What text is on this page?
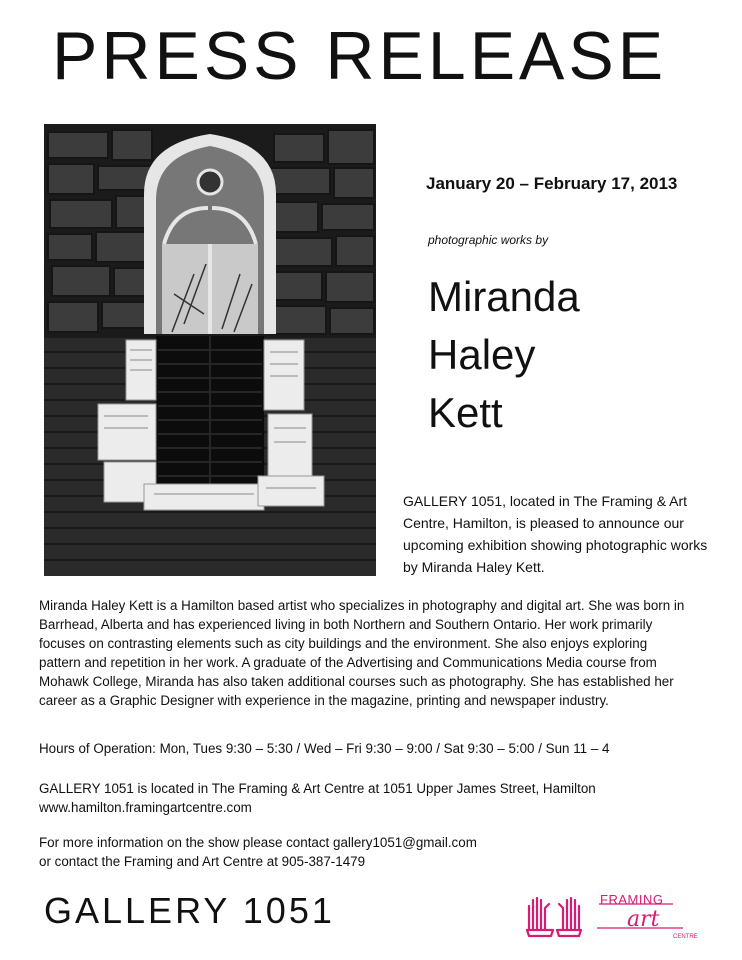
PRESS RELEASE
January 20 – February 17, 2013
photographic works by
Miranda
Haley
Kett

GALLERY 1051, located in The Framing & Art Centre, Hamilton, is pleased to announce our upcoming exhibition showing photographic works by Miranda Haley Kett.

Miranda Haley Kett is a Hamilton based artist who specializes in photography and digital art. She was born in Barrhead, Alberta and has experienced living in both Northern and Southern Ontario. Her work primarily focuses on contrasting elements such as city buildings and the environment. She also enjoys exploring pattern and repetition in her work. A graduate of the Advertising and Communications Media course from Mohawk College, Miranda has also taken additional courses such as photography. She has established her career as a Graphic Designer with experience in the magazine, printing and newspaper industry.

Hours of Operation: Mon, Tues 9:30 – 5:30 / Wed – Fri 9:30 – 9:00 / Sat 9:30 – 5:00 / Sun 11 – 4
GALLERY 1051 is located in The Framing & Art Centre at 1051 Upper James Street, Hamilton
www.hamilton.framingartcentre.com
For more information on the show please contact gallery1051@gmail.com
or contact the Framing and Art Centre at 905-387-1479
GALLERY 1051	art
CENTRE
FRAMING
